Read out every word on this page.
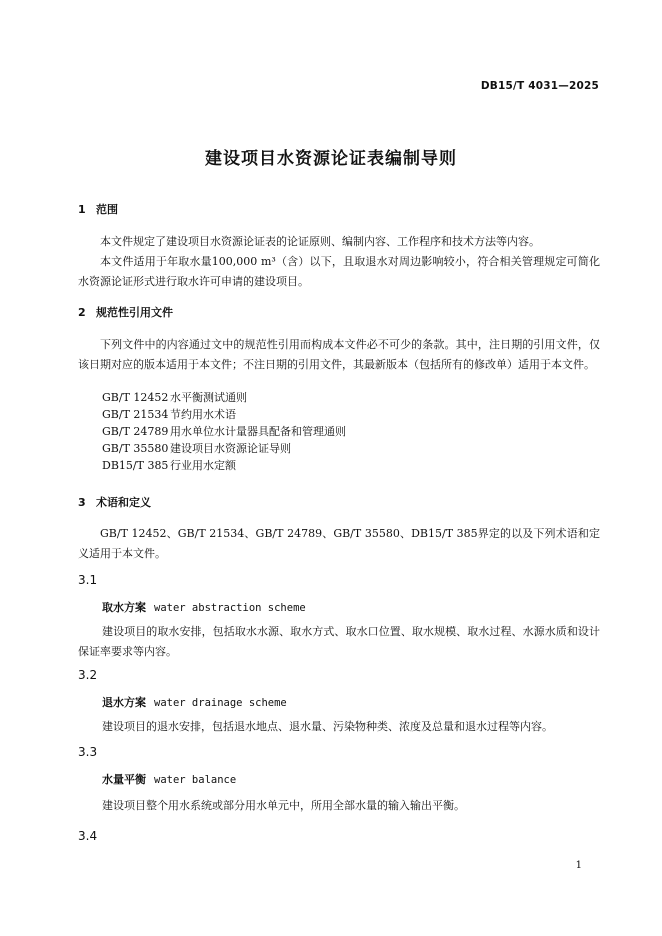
DB15/T 4031—2025
建设项目水资源论证表编制导则
1 范围
本文件规定了建设项目水资源论证表的论证原则、编制内容、工作程序和技术方法等内容。
本文件适用于年取水量100,000 m³（含）以下，且取退水对周边影响较小，符合相关管理规定可简化水资源论证形式进行取水许可申请的建设项目。
2 规范性引用文件
下列文件中的内容通过文中的规范性引用而构成本文件必不可少的条款。其中，注日期的引用文件，仅该日期对应的版本适用于本文件；不注日期的引用文件，其最新版本（包括所有的修改单）适用于本文件。
GB/T 12452 水平衡测试通则
GB/T 21534 节约用水术语
GB/T 24789 用水单位水计量器具配备和管理通则
GB/T 35580 建设项目水资源论证导则
DB15/T 385 行业用水定额
3 术语和定义
GB/T 12452、GB/T 21534、GB/T 24789、GB/T 35580、DB15/T 385界定的以及下列术语和定义适用于本文件。
3.1
取水方案 water abstraction scheme
建设项目的取水安排，包括取水水源、取水方式、取水口位置、取水规模、取水过程、水源水质和设计保证率要求等内容。
3.2
退水方案 water drainage scheme
建设项目的退水安排，包括退水地点、退水量、污染物种类、浓度及总量和退水过程等内容。
3.3
水量平衡 water balance
建设项目整个用水系统或部分用水单元中，所用全部水量的输入输出平衡。
3.4
1
